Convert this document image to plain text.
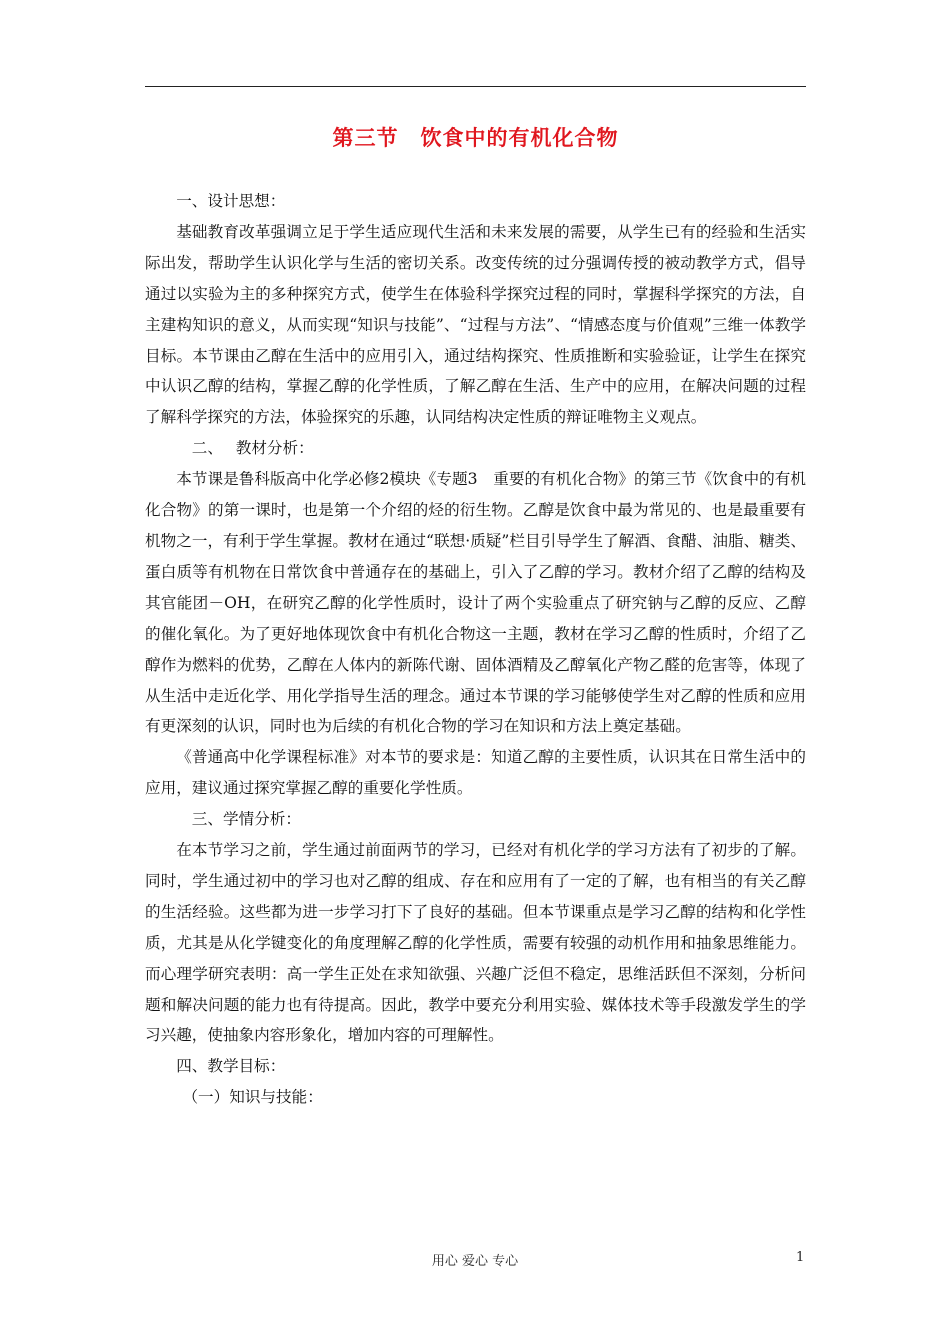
第三节　饮食中的有机化合物

一、设计思想：

基础教育改革强调立足于学生适应现代生活和未来发展的需要，从学生已有的经验和生活实际出发，帮助学生认识化学与生活的密切关系。改变传统的过分强调传授的被动教学方式，倡导通过以实验为主的多种探究方式，使学生在体验科学探究过程的同时，掌握科学探究的方法，自主建构知识的意义，从而实现“知识与技能”、“过程与方法”、“情感态度与价值观”三维一体教学目标。本节课由乙醇在生活中的应用引入，通过结构探究、性质推断和实验验证，让学生在探究中认识乙醇的结构，掌握乙醇的化学性质，了解乙醇在生活、生产中的应用，在解决问题的过程了解科学探究的方法，体验探究的乐趣，认同结构决定性质的辩证唯物主义观点。

二、　 教材分析：

本节课是鲁科版高中化学必修2模块《专题3　重要的有机化合物》的第三节《饮食中的有机化合物》的第一课时，也是第一个介绍的烃的衍生物。乙醇是饮食中最为常见的、也是最重要有机物之一，有利于学生掌握。教材在通过“联想·质疑”栏目引导学生了解酒、食醋、油脂、糖类、蛋白质等有机物在日常饮食中普通存在的基础上，引入了乙醇的学习。教材介绍了乙醇的结构及其官能团－OH，在研究乙醇的化学性质时，设计了两个实验重点了研究钠与乙醇的反应、乙醇的催化氧化。为了更好地体现饮食中有机化合物这一主题，教材在学习乙醇的性质时，介绍了乙醇作为燃料的优势，乙醇在人体内的新陈代谢、固体酒精及乙醇氧化产物乙醛的危害等，体现了从生活中走近化学、用化学指导生活的理念。通过本节课的学习能够使学生对乙醇的性质和应用有更深刻的认识，同时也为后续的有机化合物的学习在知识和方法上奠定基础。

《普通高中化学课程标准》对本节的要求是：知道乙醇的主要性质，认识其在日常生活中的应用，建议通过探究掌握乙醇的重要化学性质。

三、学情分析：

在本节学习之前，学生通过前面两节的学习，已经对有机化学的学习方法有了初步的了解。同时，学生通过初中的学习也对乙醇的组成、存在和应用有了一定的了解，也有相当的有关乙醇的生活经验。这些都为进一步学习打下了良好的基础。但本节课重点是学习乙醇的结构和化学性质，尤其是从化学键变化的角度理解乙醇的化学性质，需要有较强的动机作用和抽象思维能力。而心理学研究表明：高一学生正处在求知欲强、兴趣广泛但不稳定，思维活跃但不深刻，分析问题和解决问题的能力也有待提高。因此，教学中要充分利用实验、媒体技术等手段激发学生的学习兴趣，使抽象内容形象化，增加内容的可理解性。

四、教学目标：

（一）知识与技能：

用心 爱心 专心	1
